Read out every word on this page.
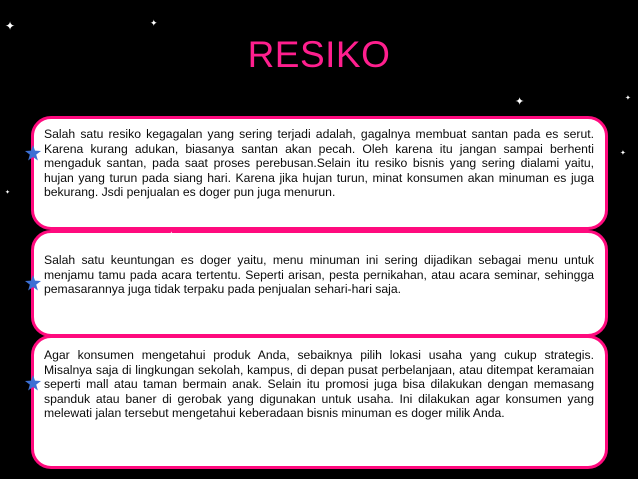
RESIKO
Salah satu resiko kegagalan yang sering terjadi adalah, gagalnya membuat santan pada es serut. Karena kurang adukan, biasanya santan akan pecah. Oleh karena itu jangan sampai berhenti mengaduk santan, pada saat proses perebusan.Selain itu resiko bisnis yang sering dialami yaitu, hujan yang turun pada siang hari. Karena jika hujan turun, minat konsumen akan minuman es juga bekurang. Jsdi penjualan es doger pun juga menurun.
Salah satu keuntungan es doger yaitu, menu minuman ini sering dijadikan sebagai menu untuk menjamu tamu pada acara tertentu. Seperti arisan, pesta pernikahan, atau acara seminar, sehingga pemasarannya juga tidak terpaku pada penjualan sehari-hari saja.
Agar konsumen mengetahui produk Anda, sebaiknya pilih lokasi usaha yang cukup strategis. Misalnya saja di lingkungan sekolah, kampus, di depan pusat perbelanjaan, atau ditempat keramaian seperti mall atau taman bermain anak. Selain itu promosi juga bisa dilakukan dengan memasang spanduk atau baner di gerobak yang digunakan untuk usaha. Ini dilakukan agar konsumen yang melewati jalan tersebut mengetahui keberadaan bisnis minuman es doger milik Anda.
✦	✦
✦
✦
✦
✦
✦
